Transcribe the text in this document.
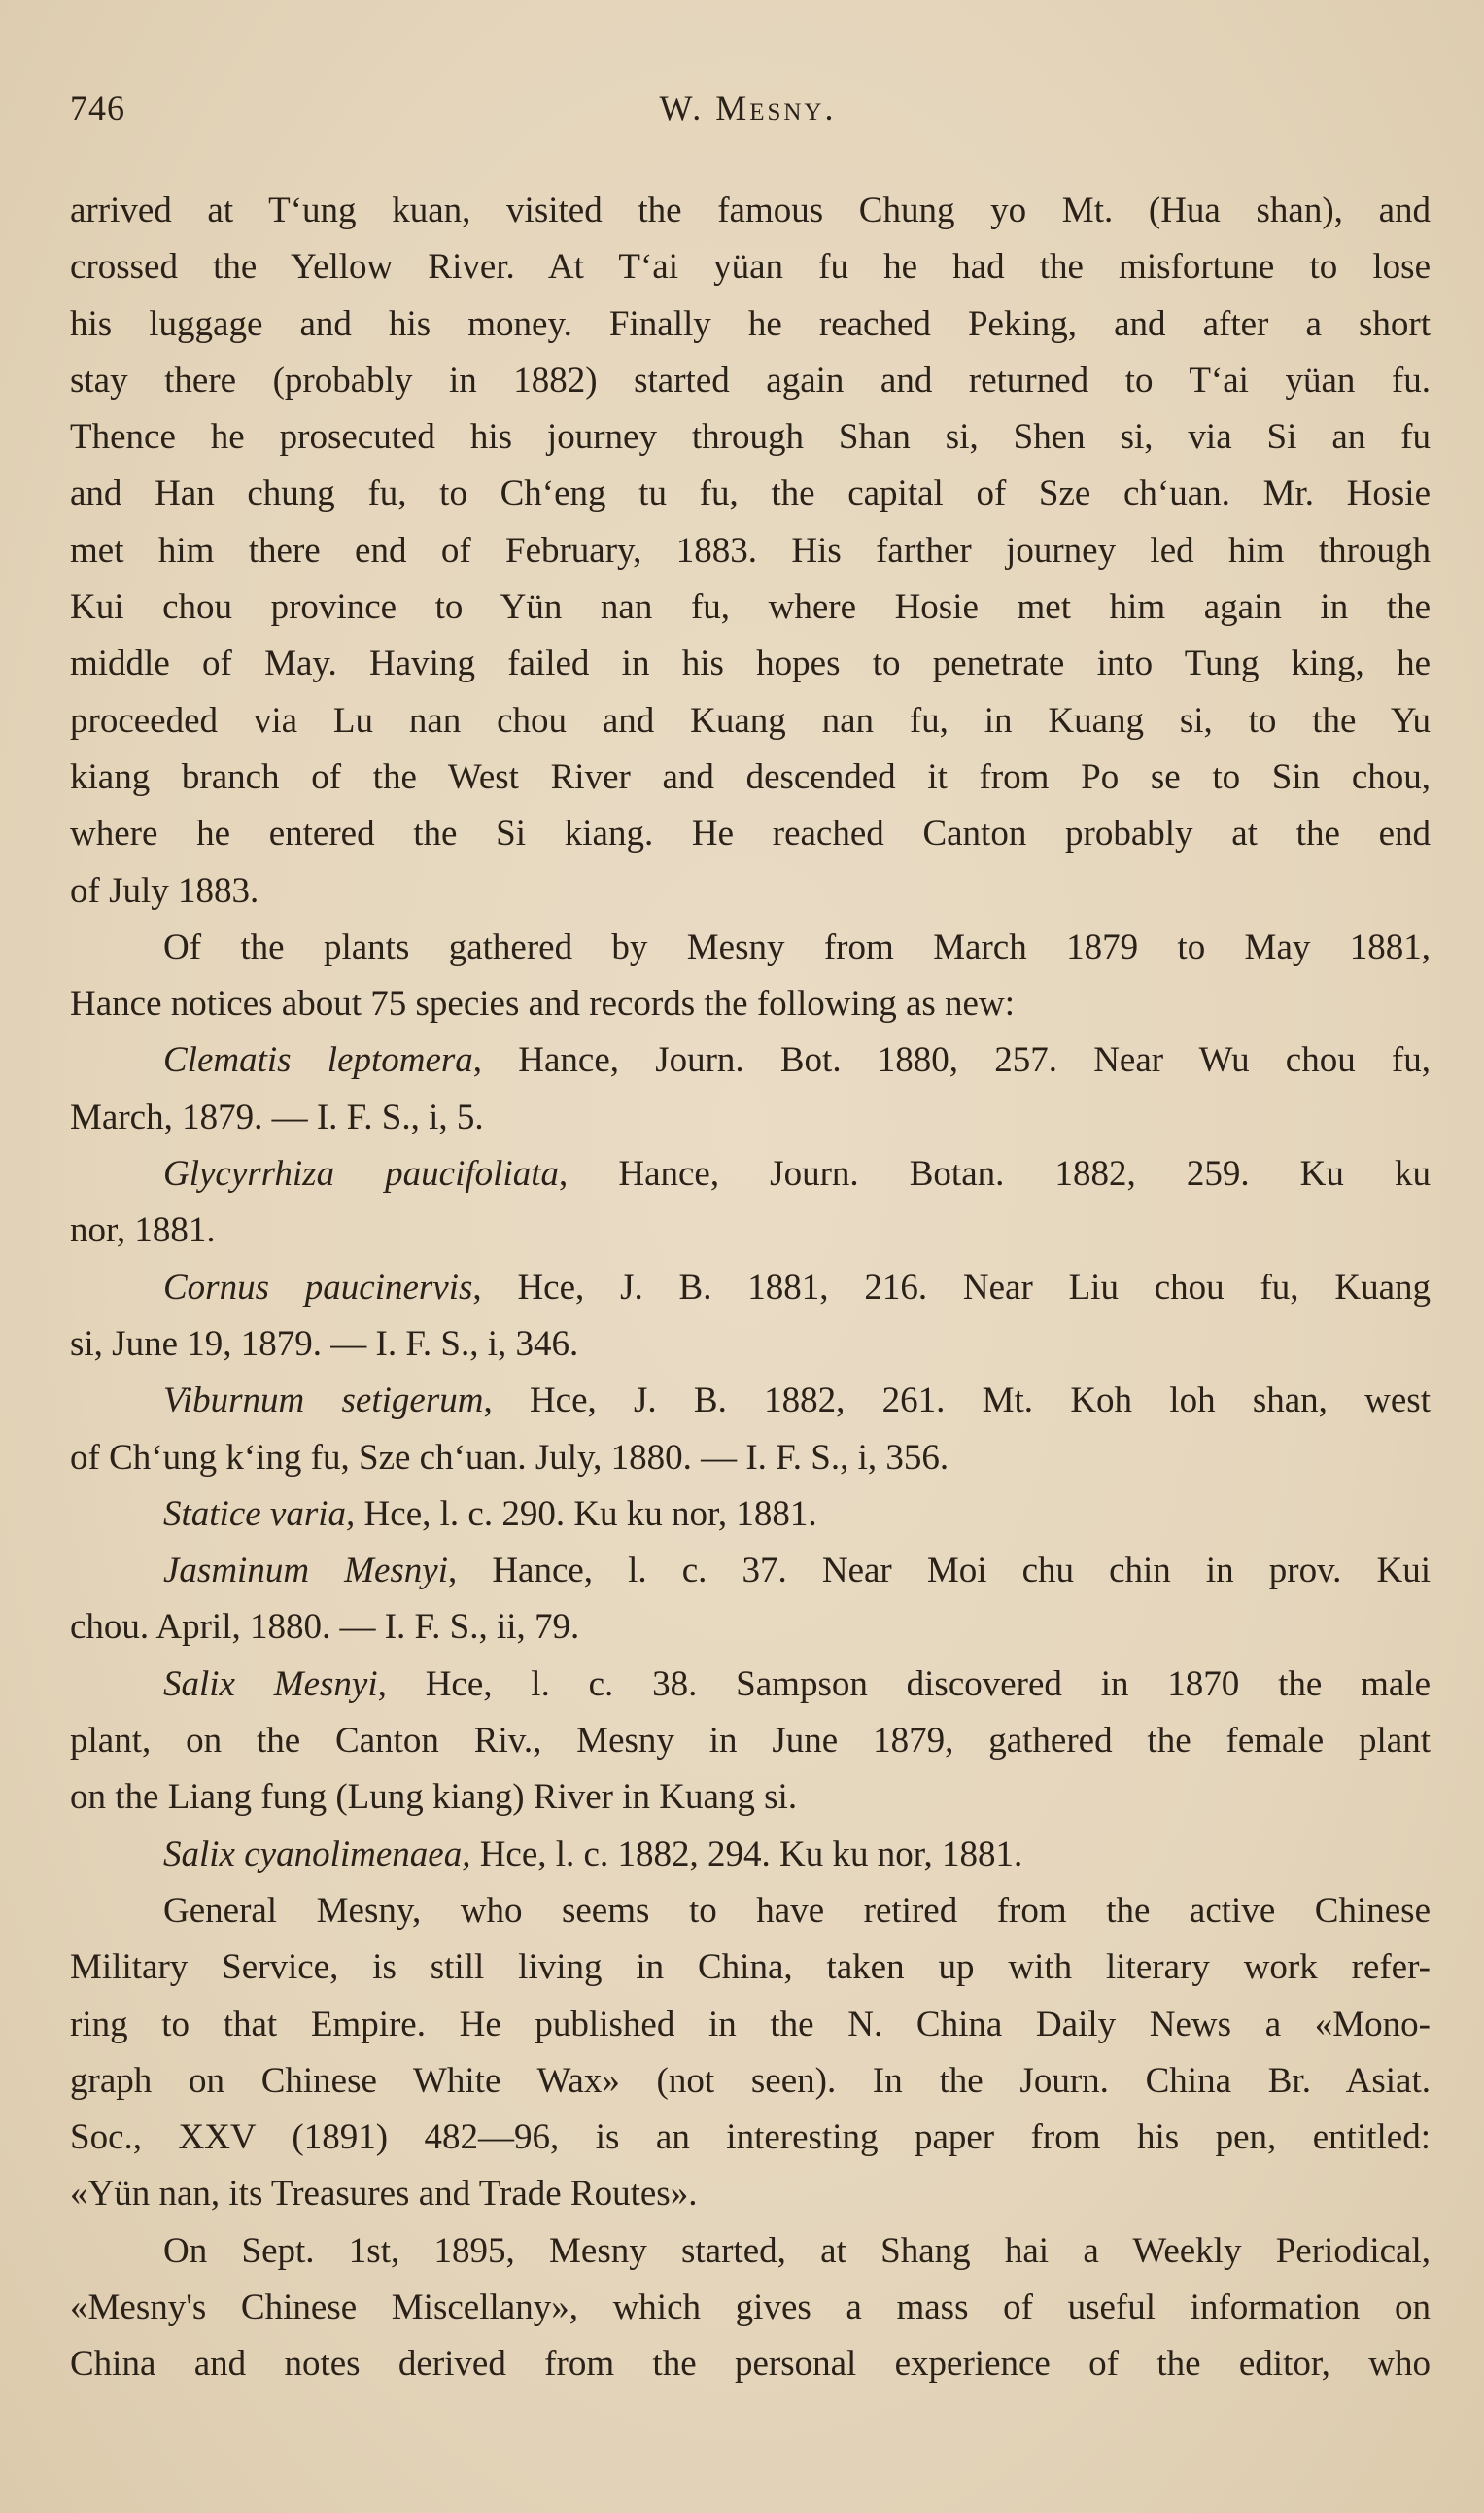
746	W. Mesny.
arrived at Tʻung kuan, visited the famous Chung yo Mt. (Hua shan), and
crossed the Yellow River. At Tʻai yüan fu he had the misfortune to lose
his luggage and his money. Finally he reached Peking, and after a short
stay there (probably in 1882) started again and returned to Tʻai yüan fu.
Thence he prosecuted his journey through Shan si, Shen si, via Si an fu
and Han chung fu, to Chʻeng tu fu, the capital of Sze chʻuan. Mr. Hosie
met him there end of February, 1883. His farther journey led him through
Kui chou province to Yün nan fu, where Hosie met him again in the
middle of May. Having failed in his hopes to penetrate into Tung king, he
proceeded via Lu nan chou and Kuang nan fu, in Kuang si, to the Yu
kiang branch of the West River and descended it from Po se to Sin chou,
where he entered the Si kiang. He reached Canton probably at the end
of July 1883.
Of the plants gathered by Mesny from March 1879 to May 1881,
Hance notices about 75 species and records the following as new:
Clematis leptomera, Hance, Journ. Bot. 1880, 257. Near Wu chou fu,
March, 1879. — I. F. S., i, 5.
Glycyrrhiza paucifoliata, Hance, Journ. Botan. 1882, 259. Ku ku
nor, 1881.
Cornus paucinervis, Hce, J. B. 1881, 216. Near Liu chou fu, Kuang
si, June 19, 1879. — I. F. S., i, 346.
Viburnum setigerum, Hce, J. B. 1882, 261. Mt. Koh loh shan, west
of Chʻung kʻing fu, Sze chʻuan. July, 1880. — I. F. S., i, 356.
Statice varia, Hce, l. c. 290. Ku ku nor, 1881.
Jasminum Mesnyi, Hance, l. c. 37. Near Moi chu chin in prov. Kui
chou. April, 1880. — I. F. S., ii, 79.
Salix Mesnyi, Hce, l. c. 38. Sampson discovered in 1870 the male
plant, on the Canton Riv., Mesny in June 1879, gathered the female plant
on the Liang fung (Lung kiang) River in Kuang si.
Salix cyanolimenaea, Hce, l. c. 1882, 294. Ku ku nor, 1881.
General Mesny, who seems to have retired from the active Chinese
Military Service, is still living in China, taken up with literary work refer-
ring to that Empire. He published in the N. China Daily News a «Mono-
graph on Chinese White Wax» (not seen). In the Journ. China Br. Asiat.
Soc., XXV (1891) 482—96, is an interesting paper from his pen, entitled:
«Yün nan, its Treasures and Trade Routes».
On Sept. 1st, 1895, Mesny started, at Shang hai a Weekly Periodical,
«Mesny's Chinese Miscellany», which gives a mass of useful information on
China and notes derived from the personal experience of the editor, who
